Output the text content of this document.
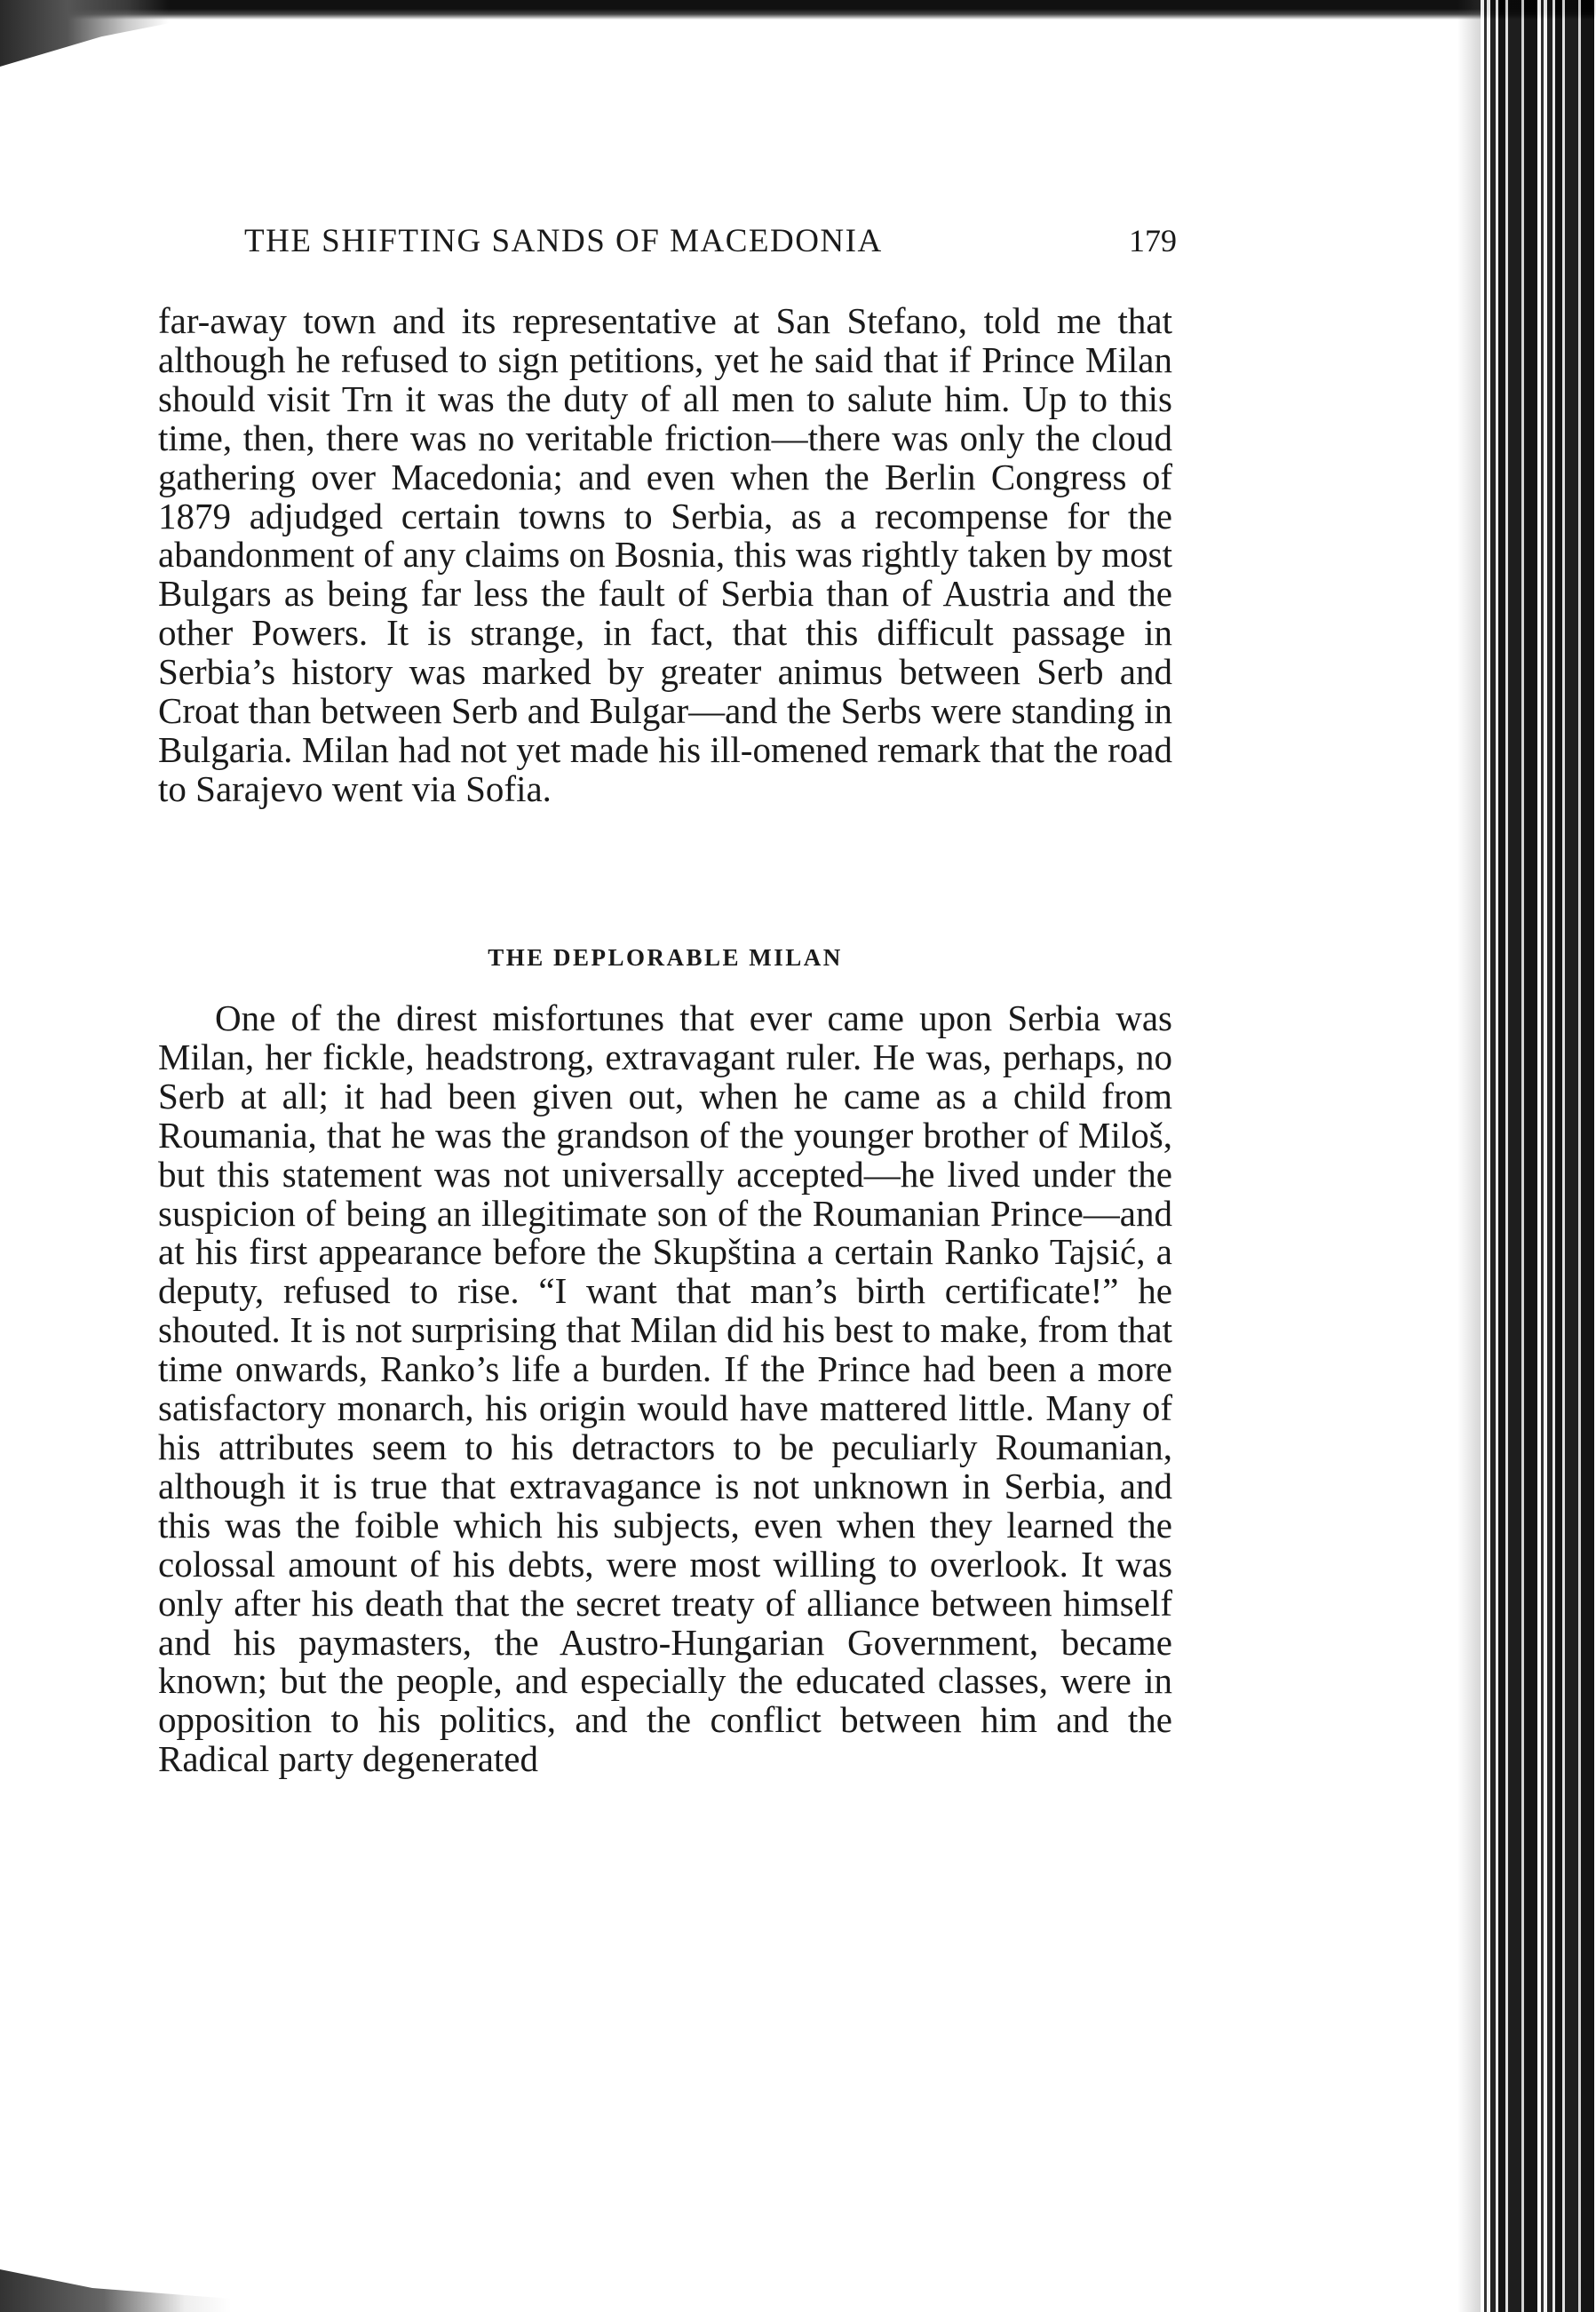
THE SHIFTING SANDS OF MACEDONIA	179

far-away town and its representative at San Stefano, told me that although he refused to sign petitions, yet he said that if Prince Milan should visit Trn it was the duty of all men to salute him. Up to this time, then, there was no veritable friction—there was only the cloud gathering over Macedonia; and even when the Berlin Congress of 1879 adjudged certain towns to Serbia, as a recompense for the abandonment of any claims on Bosnia, this was rightly taken by most Bulgars as being far less the fault of Serbia than of Austria and the other Powers. It is strange, in fact, that this difficult passage in Serbia’s history was marked by greater animus between Serb and Croat than between Serb and Bulgar—and the Serbs were standing in Bulgaria. Milan had not yet made his ill-omened remark that the road to Sarajevo went via Sofia.

THE DEPLORABLE MILAN

One of the direst misfortunes that ever came upon Serbia was Milan, her fickle, headstrong, extravagant ruler. He was, perhaps, no Serb at all; it had been given out, when he came as a child from Roumania, that he was the grandson of the younger brother of Miloš, but this statement was not universally accepted—he lived under the suspicion of being an illegitimate son of the Roumanian Prince—and at his first appearance before the Skupština a certain Ranko Tajsić, a deputy, refused to rise. “I want that man’s birth certificate!” he shouted. It is not surprising that Milan did his best to make, from that time onwards, Ranko’s life a burden. If the Prince had been a more satisfactory monarch, his origin would have mattered little. Many of his attributes seem to his detractors to be peculiarly Roumanian, although it is true that extravagance is not unknown in Serbia, and this was the foible which his subjects, even when they learned the colossal amount of his debts, were most willing to overlook. It was only after his death that the secret treaty of alliance between himself and his paymasters, the Austro-Hungarian Government, became known; but the people, and especially the educated classes, were in opposition to his politics, and the conflict between him and the Radical party degenerated
